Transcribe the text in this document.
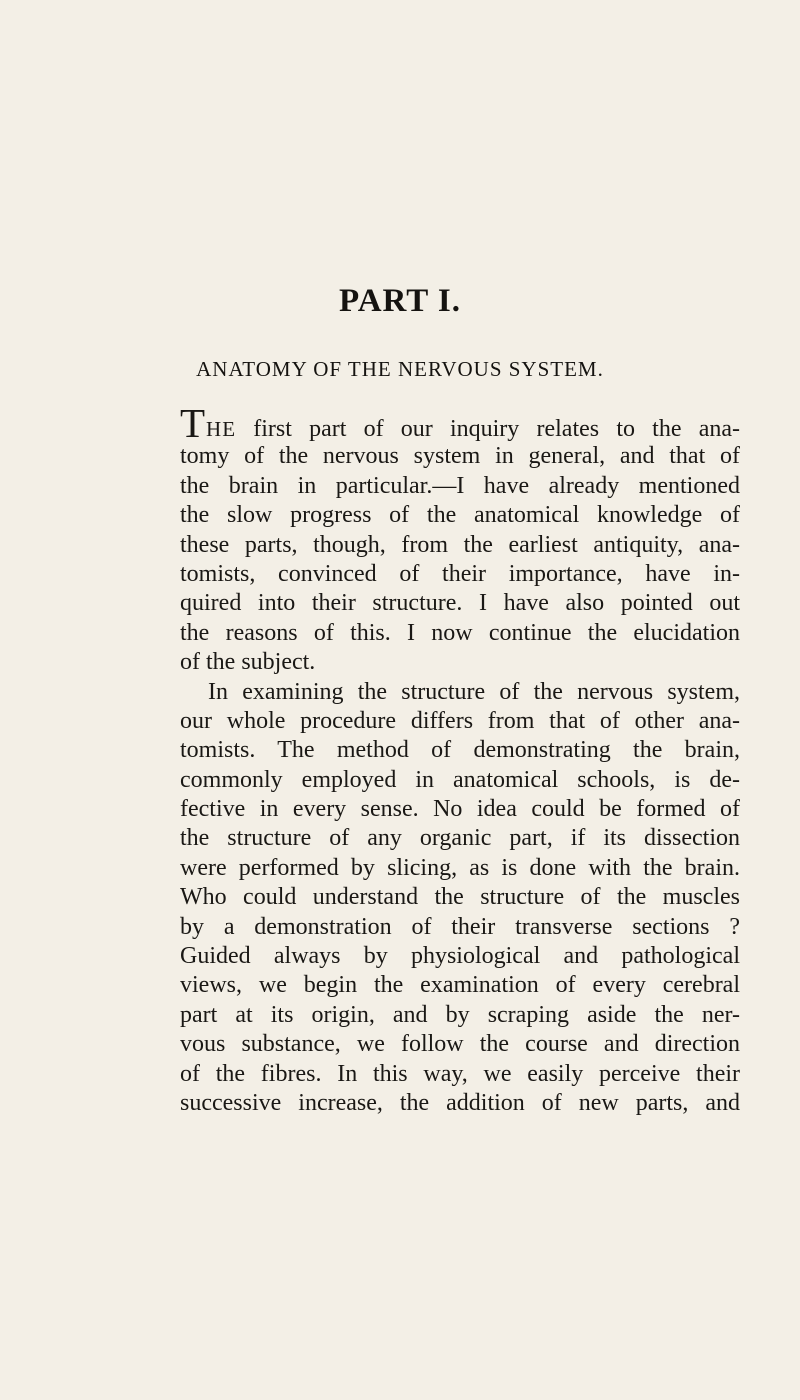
PART I.
ANATOMY OF THE NERVOUS SYSTEM.
THE first part of our inquiry relates to the ana-
tomy of the nervous system in general, and that of
the brain in particular.—I have already mentioned
the slow progress of the anatomical knowledge of
these parts, though, from the earliest antiquity, ana-
tomists, convinced of their importance, have in-
quired into their structure. I have also pointed out
the reasons of this. I now continue the elucidation
of the subject.
In examining the structure of the nervous system,
our whole procedure differs from that of other ana-
tomists. The method of demonstrating the brain,
commonly employed in anatomical schools, is de-
fective in every sense. No idea could be formed of
the structure of any organic part, if its dissection
were performed by slicing, as is done with the brain.
Who could understand the structure of the muscles
by a demonstration of their transverse sections ?
Guided always by physiological and pathological
views, we begin the examination of every cerebral
part at its origin, and by scraping aside the ner-
vous substance, we follow the course and direction
of the fibres. In this way, we easily perceive their
successive increase, the addition of new parts, and
